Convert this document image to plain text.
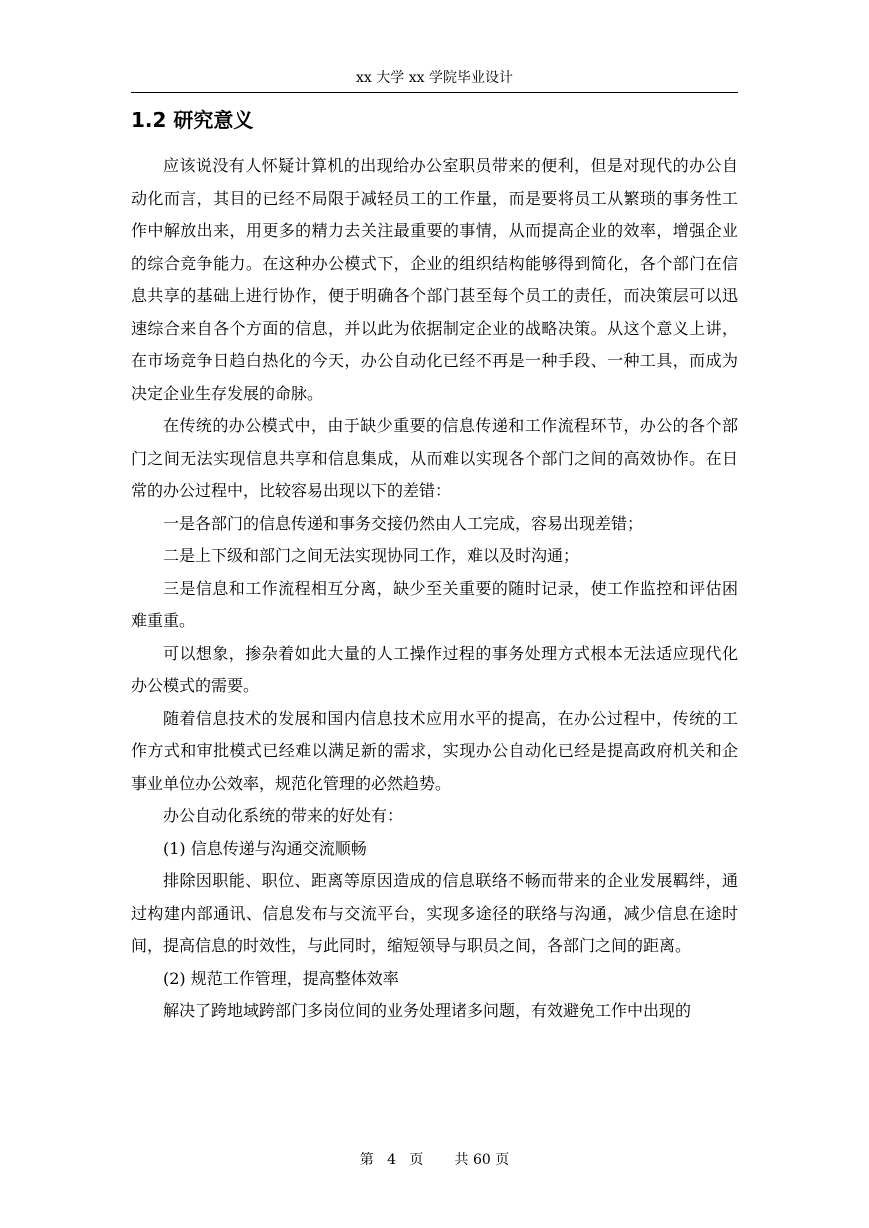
xx 大学 xx 学院毕业设计
1.2 研究意义

应该说没有人怀疑计算机的出现给办公室职员带来的便利，但是对现代的办公自动化而言，其目的已经不局限于减轻员工的工作量，而是要将员工从繁琐的事务性工作中解放出来，用更多的精力去关注最重要的事情，从而提高企业的效率，增强企业的综合竞争能力。在这种办公模式下，企业的组织结构能够得到简化，各个部门在信息共享的基础上进行协作，便于明确各个部门甚至每个员工的责任，而决策层可以迅速综合来自各个方面的信息，并以此为依据制定企业的战略决策。从这个意义上讲，在市场竞争日趋白热化的今天，办公自动化已经不再是一种手段、一种工具，而成为决定企业生存发展的命脉。

在传统的办公模式中，由于缺少重要的信息传递和工作流程环节，办公的各个部门之间无法实现信息共享和信息集成，从而难以实现各个部门之间的高效协作。在日常的办公过程中，比较容易出现以下的差错：

一是各部门的信息传递和事务交接仍然由人工完成，容易出现差错；

二是上下级和部门之间无法实现协同工作，难以及时沟通；

三是信息和工作流程相互分离，缺少至关重要的随时记录，使工作监控和评估困难重重。

可以想象，掺杂着如此大量的人工操作过程的事务处理方式根本无法适应现代化办公模式的需要。

随着信息技术的发展和国内信息技术应用水平的提高，在办公过程中，传统的工作方式和审批模式已经难以满足新的需求，实现办公自动化已经是提高政府机关和企事业单位办公效率，规范化管理的必然趋势。

办公自动化系统的带来的好处有：

(1) 信息传递与沟通交流顺畅

排除因职能、职位、距离等原因造成的信息联络不畅而带来的企业发展羁绊，通过构建内部通讯、信息发布与交流平台，实现多途径的联络与沟通，减少信息在途时间，提高信息的时效性，与此同时，缩短领导与职员之间，各部门之间的距离。

(2) 规范工作管理，提高整体效率

解决了跨地域跨部门多岗位间的业务处理诸多问题，有效避免工作中出现的

第   4   页       共 60 页
